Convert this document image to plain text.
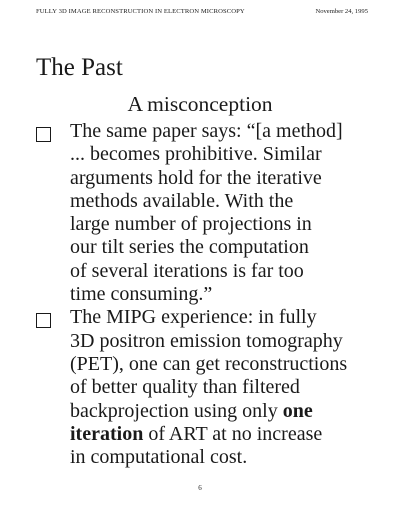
FULLY 3D IMAGE RECONSTRUCTION IN ELECTRON MICROSCOPY	November 24, 1995
The Past
A misconception
The same paper says: “[a method]
... becomes prohibitive. Similar
arguments hold for the iterative
methods available. With the
large number of projections in
our tilt series the computation
of several iterations is far too
time consuming.”
The MIPG experience: in fully
3D positron emission tomography
(PET), one can get reconstructions
of better quality than filtered
backprojection using only one
iteration of ART at no increase
in computational cost.
6
